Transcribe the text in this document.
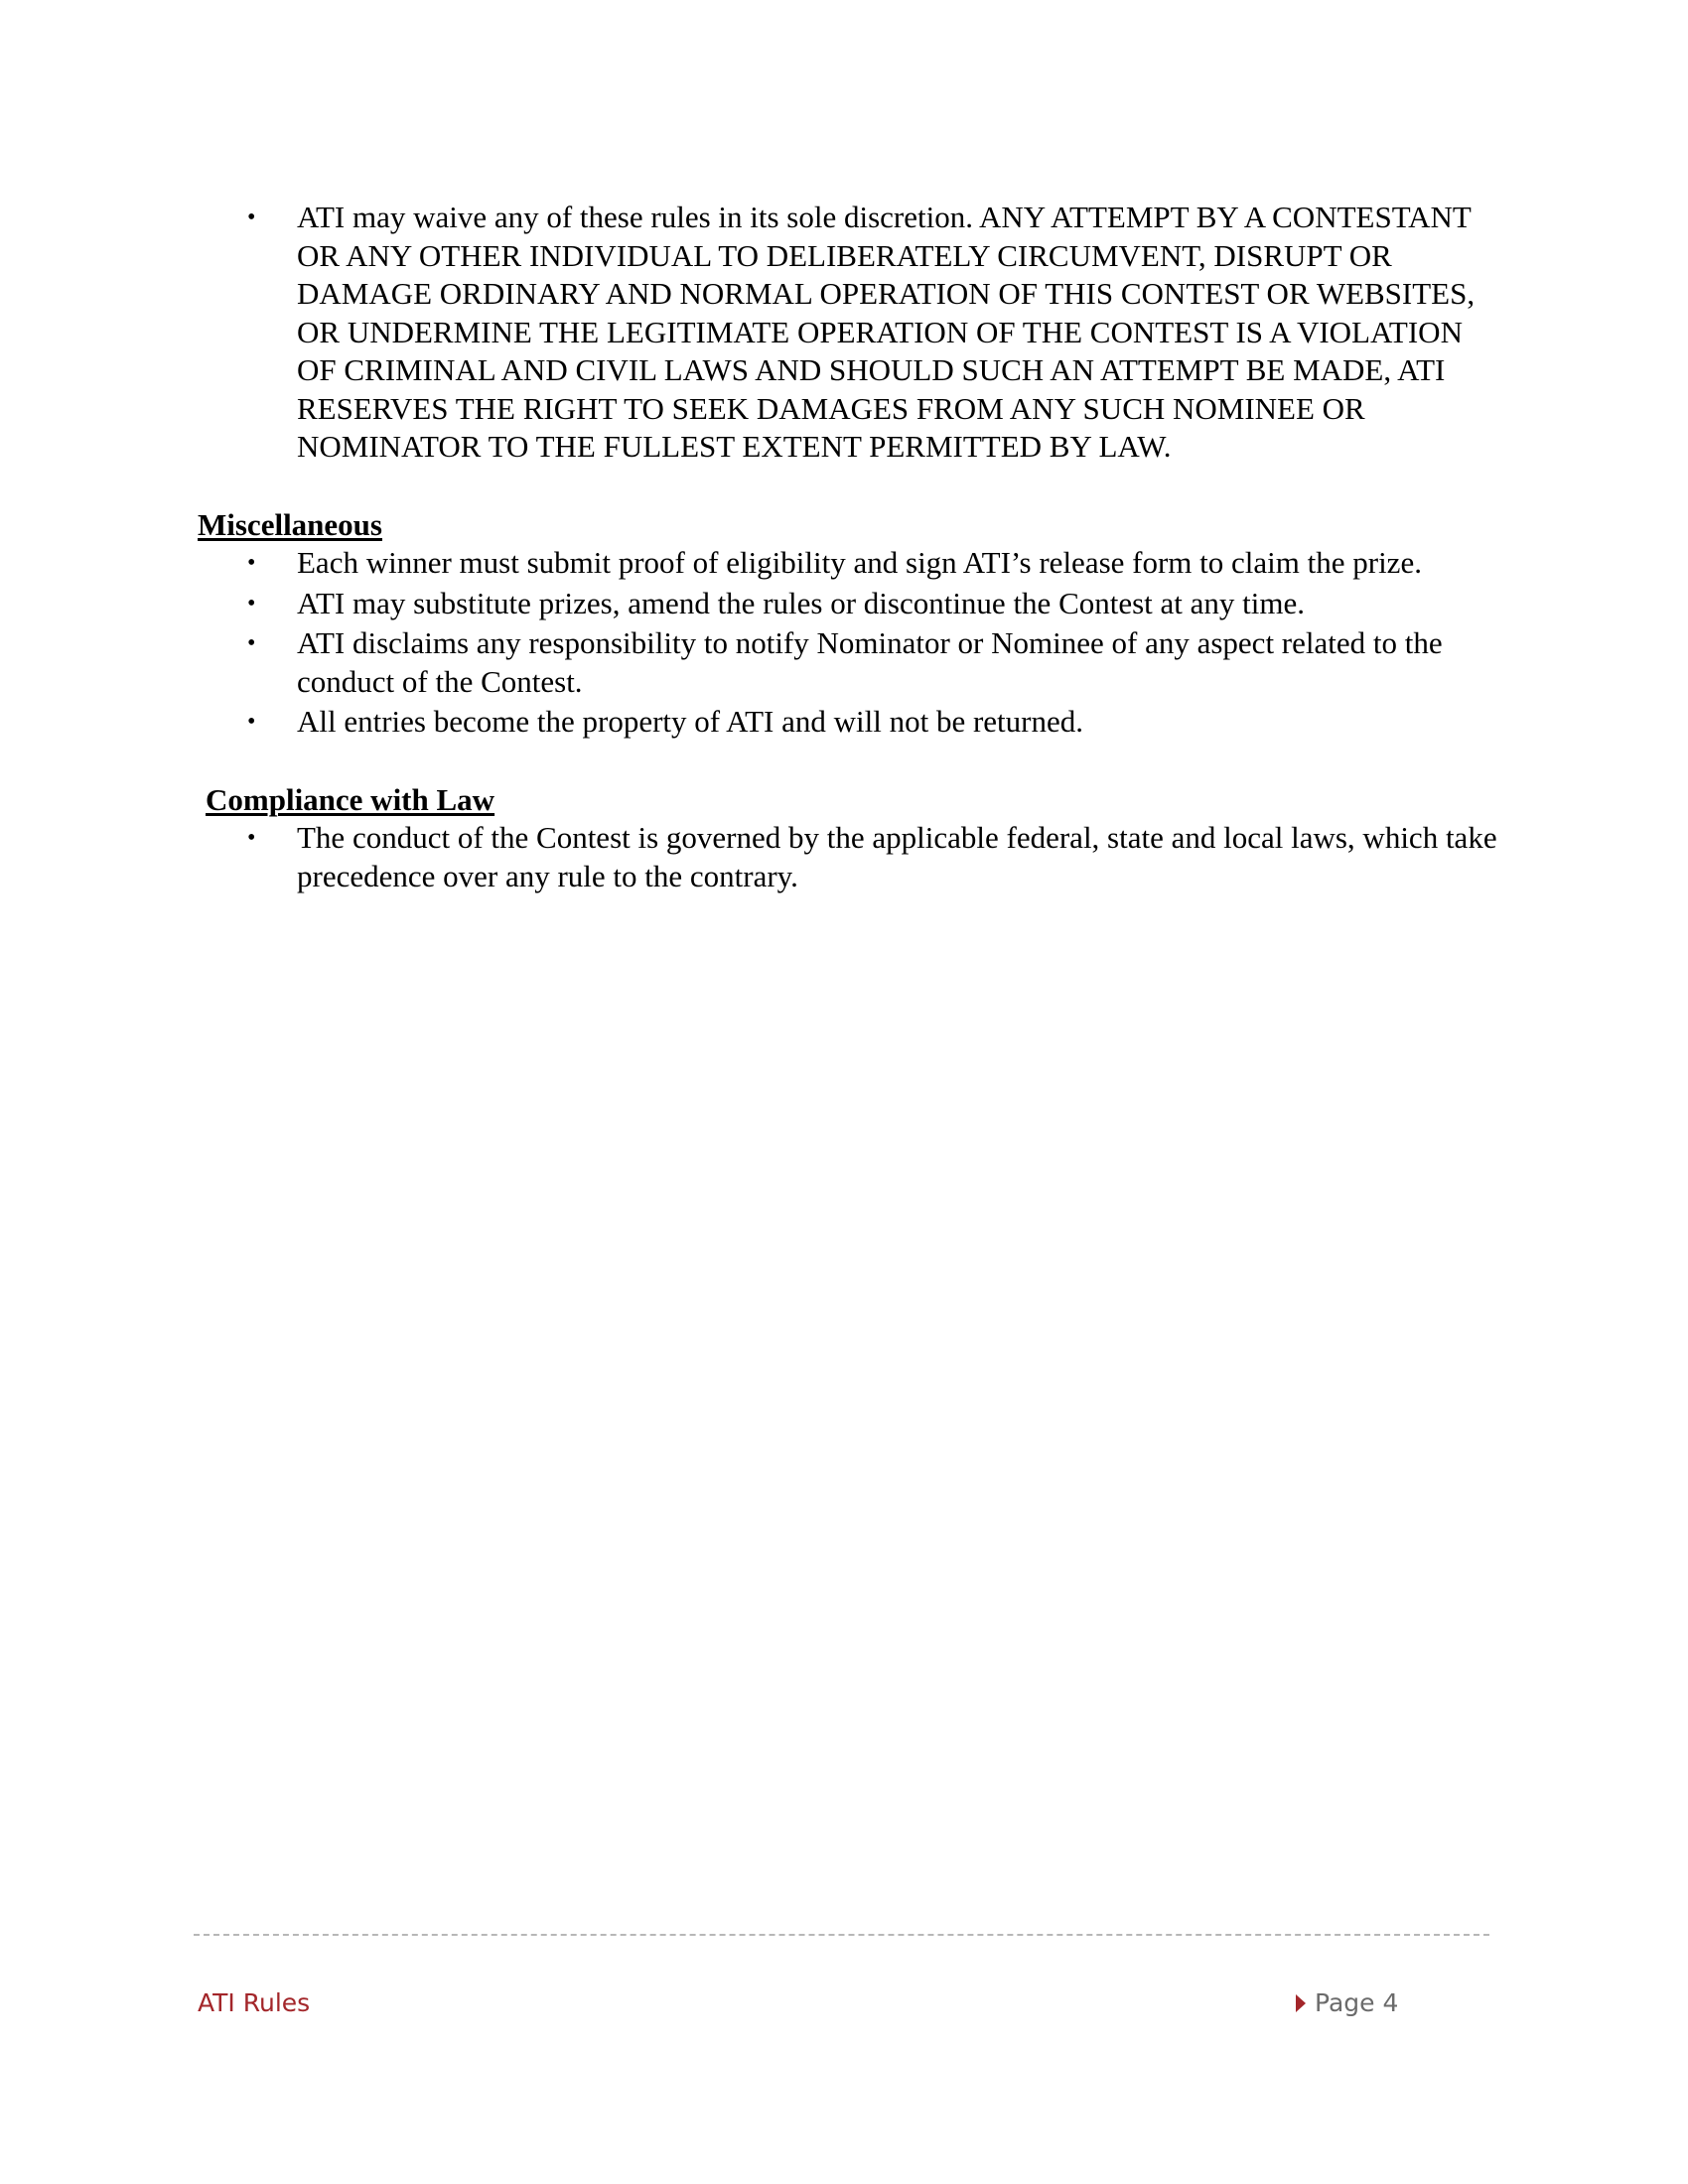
• ATI may waive any of these rules in its sole discretion. ANY ATTEMPT BY A CONTESTANT OR ANY OTHER INDIVIDUAL TO DELIBERATELY CIRCUMVENT, DISRUPT OR DAMAGE ORDINARY AND NORMAL OPERATION OF THIS CONTEST OR WEBSITES, OR UNDERMINE THE LEGITIMATE OPERATION OF THE CONTEST IS A VIOLATION OF CRIMINAL AND CIVIL LAWS AND SHOULD SUCH AN ATTEMPT BE MADE, ATI RESERVES THE RIGHT TO SEEK DAMAGES FROM ANY SUCH NOMINEE OR NOMINATOR TO THE FULLEST EXTENT PERMITTED BY LAW.

Miscellaneous

• Each winner must submit proof of eligibility and sign ATI’s release form to claim the prize.
• ATI may substitute prizes, amend the rules or discontinue the Contest at any time.
• ATI disclaims any responsibility to notify Nominator or Nominee of any aspect related to the conduct of the Contest.
• All entries become the property of ATI and will not be returned.

Compliance with Law

• The conduct of the Contest is governed by the applicable federal, state and local laws, which take precedence over any rule to the contrary.
ATI Rules	Page 4
